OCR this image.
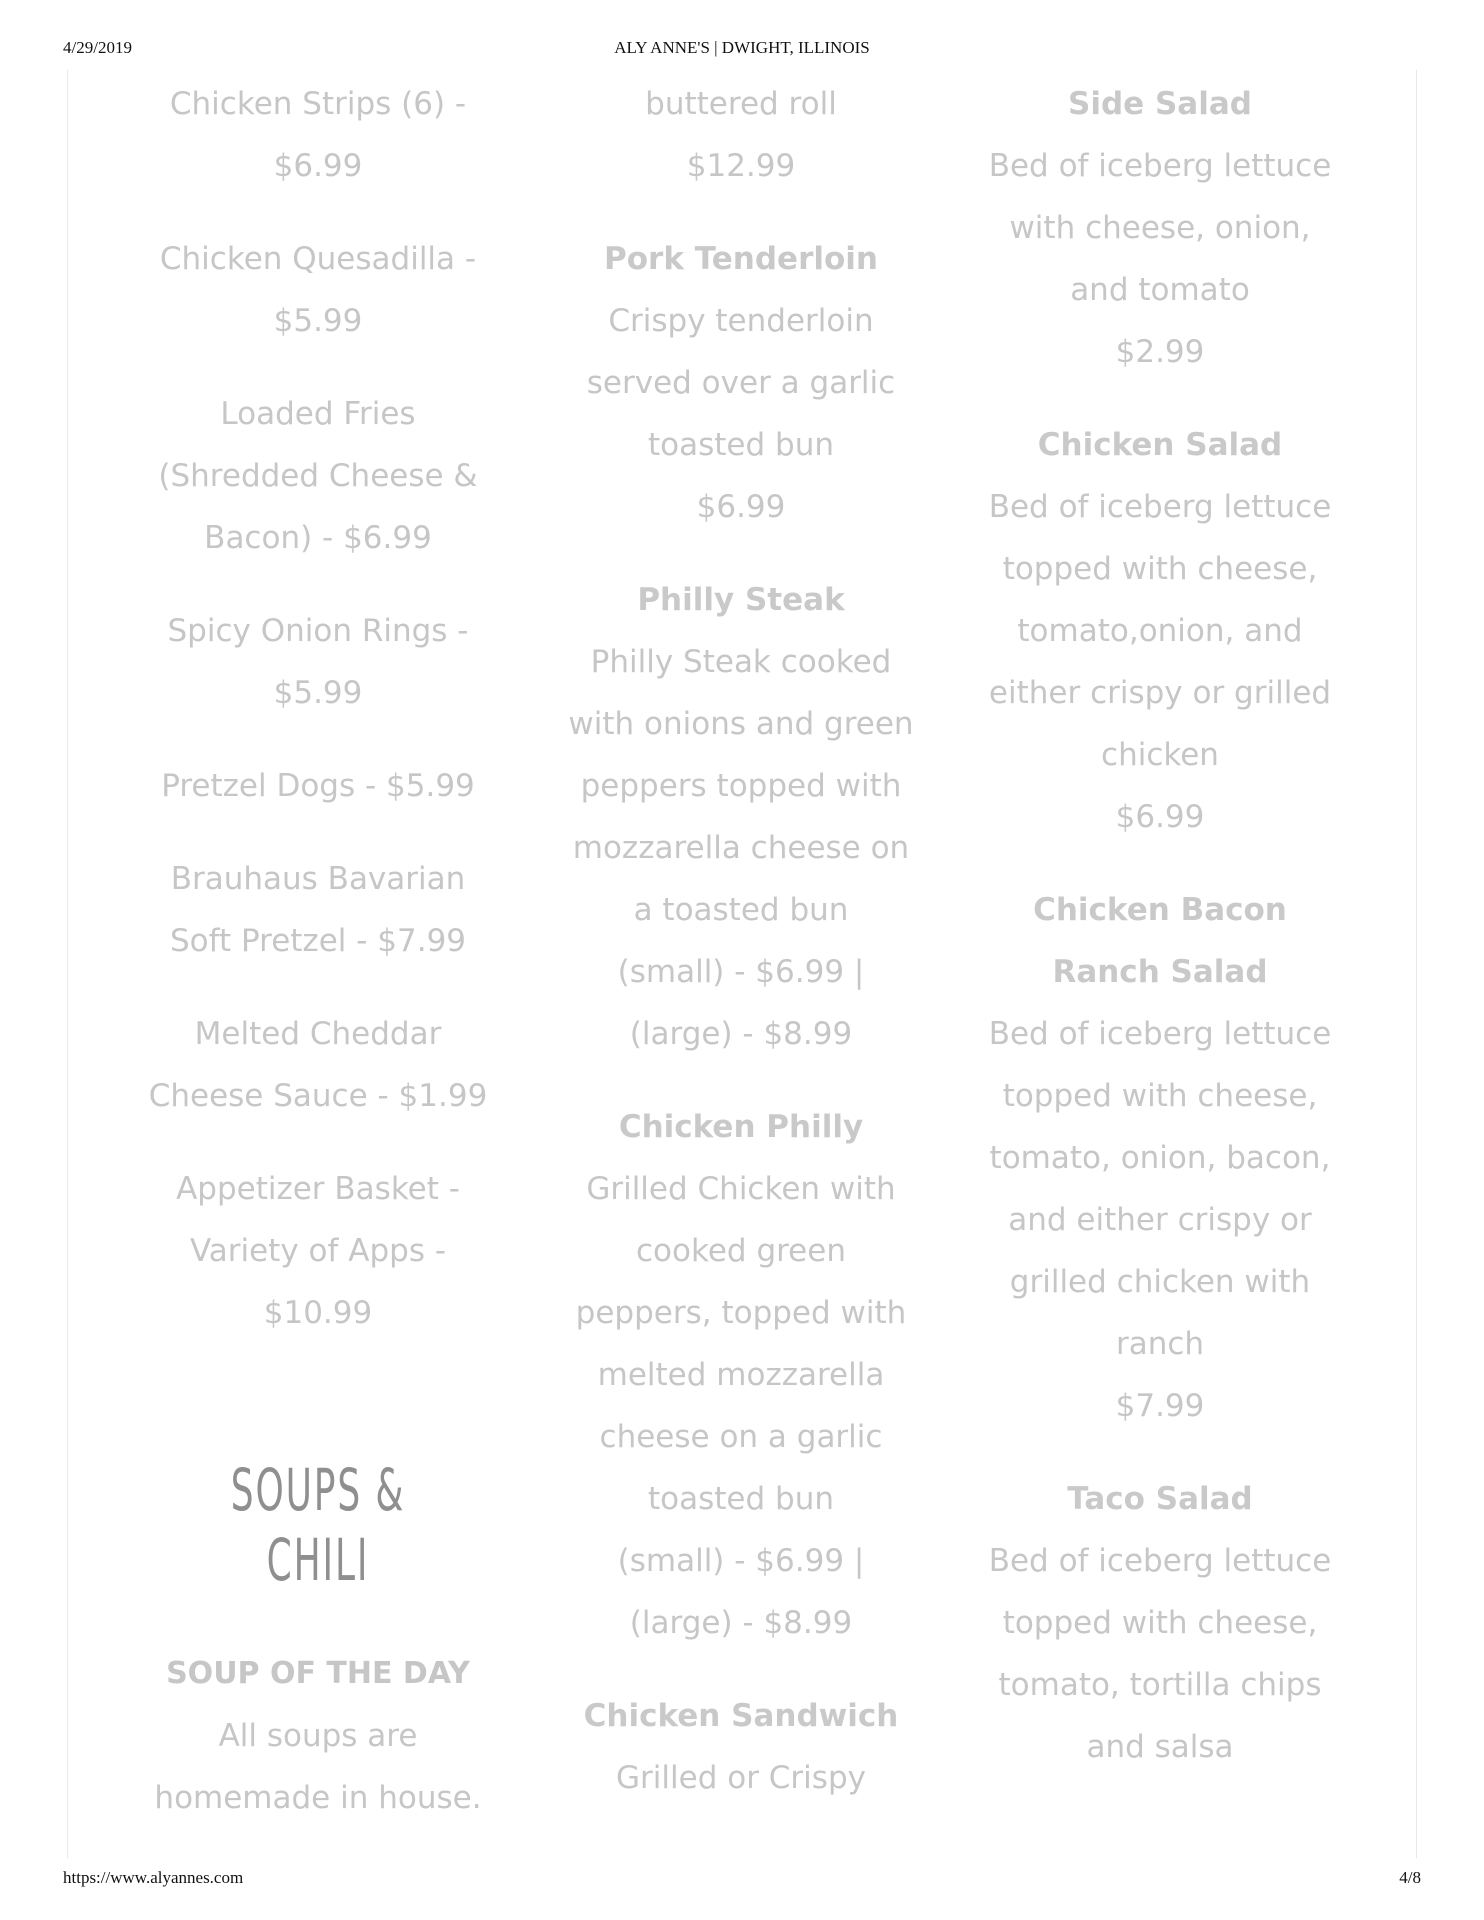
4/29/2019	ALY ANNE'S | DWIGHT, ILLINOIS
Chicken Strips (6) -
$6.99
Chicken Quesadilla -
$5.99
Loaded Fries
(Shredded Cheese &
Bacon) - $6.99
Spicy Onion Rings -
$5.99
Pretzel Dogs - $5.99
Brauhaus Bavarian
Soft Pretzel - $7.99
Melted Cheddar
Cheese Sauce - $1.99
Appetizer Basket -
Variety of Apps -
$10.99
SOUPS & CHILI
SOUP OF THE DAY
All soups are
homemade in house.
buttered roll
$12.99
Pork Tenderloin
Crispy tenderloin
served over a garlic
toasted bun
$6.99
Philly Steak
Philly Steak cooked
with onions and green
peppers topped with
mozzarella cheese on
a toasted bun
(small) - $6.99 |
(large) - $8.99
Chicken Philly
Grilled Chicken with
cooked green
peppers, topped with
melted mozzarella
cheese on a garlic
toasted bun
(small) - $6.99 |
(large) - $8.99
Chicken Sandwich
Grilled or Crispy
Side Salad
Bed of iceberg lettuce
with cheese, onion,
and tomato
$2.99
Chicken Salad
Bed of iceberg lettuce
topped with cheese,
tomato,onion, and
either crispy or grilled
chicken
$6.99
Chicken Bacon
Ranch Salad
Bed of iceberg lettuce
topped with cheese,
tomato, onion, bacon,
and either crispy or
grilled chicken with
ranch
$7.99
Taco Salad
Bed of iceberg lettuce
topped with cheese,
tomato, tortilla chips
and salsa
https://www.alyannes.com	4/8
